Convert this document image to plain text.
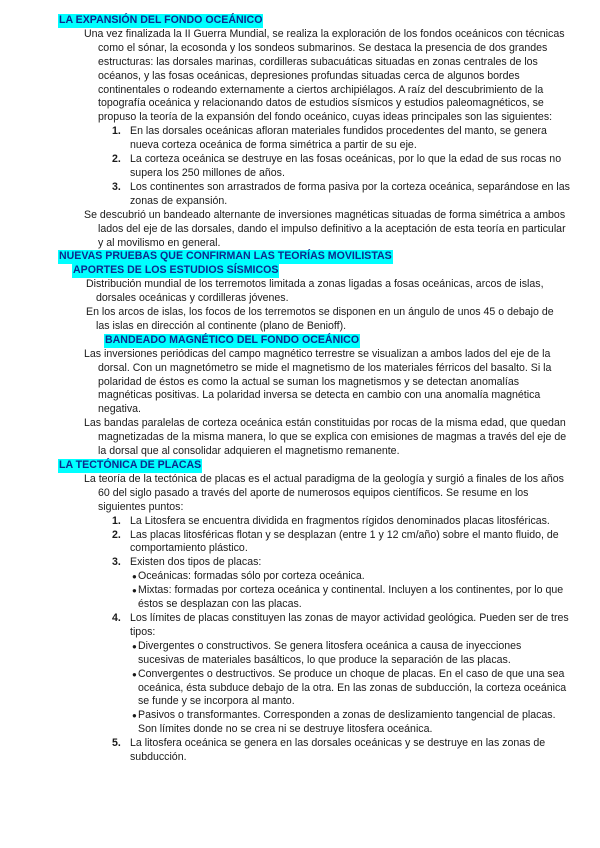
LA EXPANSIÓN DEL FONDO OCEÁNICO

Una vez finalizada la II Guerra Mundial, se realiza la exploración de los fondos oceánicos con técnicas como el sónar, la ecosonda y los sondeos submarinos. Se destaca la presencia de dos grandes estructuras: las dorsales marinas, cordilleras subacuáticas situadas en zonas centrales de los océanos, y las fosas oceánicas, depresiones profundas situadas cerca de algunos bordes continentales o rodeando externamente a ciertos archipiélagos. A raíz del descubrimiento de la topografía oceánica y relacionando datos de estudios sísmicos y estudios paleomagnéticos, se propuso la teoría de la expansión del fondo oceánico, cuyas ideas principales son las siguientes:

1. En las dorsales oceánicas afloran materiales fundidos procedentes del manto, se genera nueva corteza oceánica de forma simétrica a partir de su eje.
2. La corteza oceánica se destruye en las fosas oceánicas, por lo que la edad de sus rocas no supera los 250 millones de años.
3. Los continentes son arrastrados de forma pasiva por la corteza oceánica, separándose en las zonas de expansión.

Se descubrió un bandeado alternante de inversiones magnéticas situadas de forma simétrica a ambos lados del eje de las dorsales, dando el impulso definitivo a la aceptación de esta teoría en particular y al movilismo en general.

NUEVAS PRUEBAS QUE CONFIRMAN LAS TEORÍAS MOVILISTAS
APORTES DE LOS ESTUDIOS SÍSMICOS

Distribución mundial de los terremotos limitada a zonas ligadas a fosas oceánicas, arcos de islas, dorsales oceánicas y cordilleras jóvenes.

En los arcos de islas, los focos de los terremotos se disponen en un ángulo de unos 45 o debajo de las islas en dirección al continente (plano de Benioff).

BANDEADO MAGNÉTICO DEL FONDO OCEÁNICO

Las inversiones periódicas del campo magnético terrestre se visualizan a ambos lados del eje de la dorsal. Con un magnetómetro se mide el magnetismo de los materiales férricos del basalto. Si la polaridad de éstos es como la actual se suman los magnetismos y se detectan anomalías magnéticas positivas. La polaridad inversa se detecta en cambio con una anomalía magnética negativa.

Las bandas paralelas de corteza oceánica están constituidas por rocas de la misma edad, que quedan magnetizadas de la misma manera, lo que se explica con emisiones de magmas a través del eje de la dorsal que al consolidar adquieren el magnetismo remanente.

LA TECTÓNICA DE PLACAS

La teoría de la tectónica de placas es el actual paradigma de la geología y surgió a finales de los años 60 del siglo pasado a través del aporte de numerosos equipos científicos. Se resume en los siguientes puntos:

1. La Litosfera se encuentra dividida en fragmentos rígidos denominados placas litosféricas.
2. Las placas litosféricas flotan y se desplazan (entre 1 y 12 cm/año) sobre el manto fluido, de comportamiento plástico.
3. Existen dos tipos de placas:
● Oceánicas: formadas sólo por corteza oceánica.
● Mixtas: formadas por corteza oceánica y continental. Incluyen a los continentes, por lo que éstos se desplazan con las placas.
4. Los límites de placas constituyen las zonas de mayor actividad geológica. Pueden ser de tres tipos:
● Divergentes o constructivos. Se genera litosfera oceánica a causa de inyecciones sucesivas de materiales basálticos, lo que produce la separación de las placas.
● Convergentes o destructivos. Se produce un choque de placas. En el caso de que una sea oceánica, ésta subduce debajo de la otra. En las zonas de subducción, la corteza oceánica se funde y se incorpora al manto.
● Pasivos o transformantes. Corresponden a zonas de deslizamiento tangencial de placas. Son límites donde no se crea ni se destruye litosfera oceánica.
5. La litosfera oceánica se genera en las dorsales oceánicas y se destruye en las zonas de subducción.
